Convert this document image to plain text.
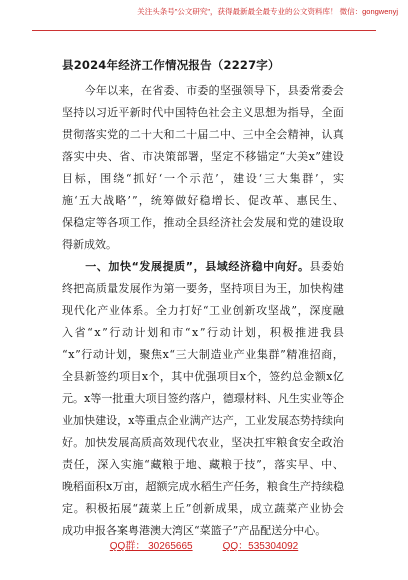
关注头条号"公文研究"，获得最新最全最专业的公文资料库！ 微信：gongwenyj
县2024年经济工作情况报告（2227字）

今 年 以 来 ， 在 省 委 、 市 委 的 坚 强 领 导 下 ， 县 委 常 委 会
坚 持 以 习 近 平 新 时 代 中 国 特 色 社 会 主 义 思 想 为 指 导 ， 全 面
贯 彻 落 实 党 的 二 十 大 和 二 十 届 二 中 、 三 中 全 会 精 神 ， 认 真
落 实 中 央 、 省 、 市 决 策 部 署 ， 坚 定 不 移 锚 定 “ 大 美 x ” 建 设
目 标 ， 围 绕 “ 抓 好 ‘ 一 个 示 范 ’ ， 建 设 ‘ 三 大 集 群 ’ ， 实
施 ‘ 五 大 战 略 ’ ” ， 统 筹 做 好 稳 增 长 、 促 改 革 、 惠 民 生 、
保 稳 定 等 各 项 工 作 ， 推 动 全 县 经 济 社 会 发 展 和 党 的 建 设 取
得新成效。

一 、 加 快 “ 发 展 提 质 ” ， 县 域 经 济 稳 中 向 好 。 县 委 始
终 把 高 质 量 发 展 作 为 第 一 要 务 ， 坚 持 项 目 为 王 ， 加 快 构 建
现 代 化 产 业 体 系 。 全 力 打 好 “ 工 业 创 新 攻 坚 战 ” ， 深 度 融
入 省 “ x ” 行 动 计 划 和 市 “ x ” 行 动 计 划 ， 积 极 推 进 我 县
“ x ” 行 动 计 划 ， 聚 焦 x “ 三 大 制 造 业 产 业 集 群 ” 精 准 招 商 ，
全 县 新 签 约 项 目 x 个 ， 其 中 优 强 项 目 x 个 ， 签 约 总 金 额 x 亿
元 。 x 等 一 批 重 大 项 目 签 约 落 户 ， 德 璟 材 料 、 凡 生 实 业 等 企
业 加 快 建 设 ， x 等 重 点 企 业 满 产 达 产 ， 工 业 发 展 态 势 持 续 向
好 。 加 快 发 展 高 质 高 效 现 代 农 业 ， 坚 决 扛 牢 粮 食 安 全 政 治
责 任 ， 深 入 实 施 “ 藏 粮 于 地 、 藏 粮 于 技 ” ， 落 实 早 、 中 、
晚 稻 面 积 x 万 亩 ， 超 额 完 成 水 稻 生 产 任 务 ， 粮 食 生 产 持 续 稳
定 。 积 极 拓 展 “ 蔬 菜 上 丘 ” 创 新 成 果 ， 成 立 蔬 菜 产 业 协 会
成功申报各案粤港澳大湾区“菜篮子”产品配送分中心。
QQ群： 30265665	QQ：535304092
